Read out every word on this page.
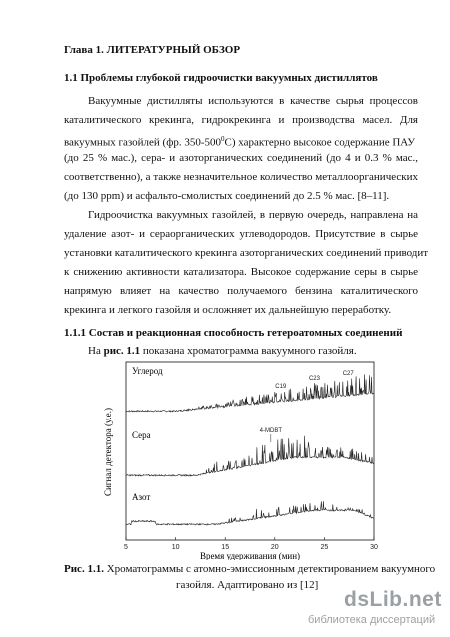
Глава 1. ЛИТЕРАТУРНЫЙ ОБЗОР
1.1 Проблемы глубокой гидроочистки вакуумных дистиллятов
Вакуумные дистилляты используются в качестве сырья процессов
каталитического крекинга, гидрокрекинга и производства масел. Для
вакуумных газойлей (фр. $350-500^0С$) характерно высокое содержание ПАУ
(до 25 % мас.), сера- и азоторганических соединений (до 4 и 0.3 % мас.,
соответственно), а также незначительное количество металлоорганических
(до 130 ppm) и асфальто-смолистых соединений до 2.5 % мас. [8–11].
Гидроочистка вакуумных газойлей, в первую очередь, направлена на
удаление азот- и сераорганических углеводородов. Присутствие в сырье
установки каталитического крекинга азоторганических соединений приводит
к снижению активности катализатора. Высокое содержание серы в сырье
напрямую влияет на качество получаемого бензина каталитического
крекинга и легкого газойля и осложняет их дальнейшую переработку.
1.1.1 Состав и реакционная способность гетероатомных соединений
На рис. 1.1 показана хроматограмма вакуумного газойля.
Сигнал детектора (у.е.)
Углерод
Сера
Азот
C19
C23
C27
4-MDBT
5	10	15	20	25	30
Время удерживания (мин)
Рис. 1.1. Хроматограммы с атомно-эмиссионным детектированием вакуумного
газойля. Адаптировано из [12]
dsLib.net
библиотека диссертаций
